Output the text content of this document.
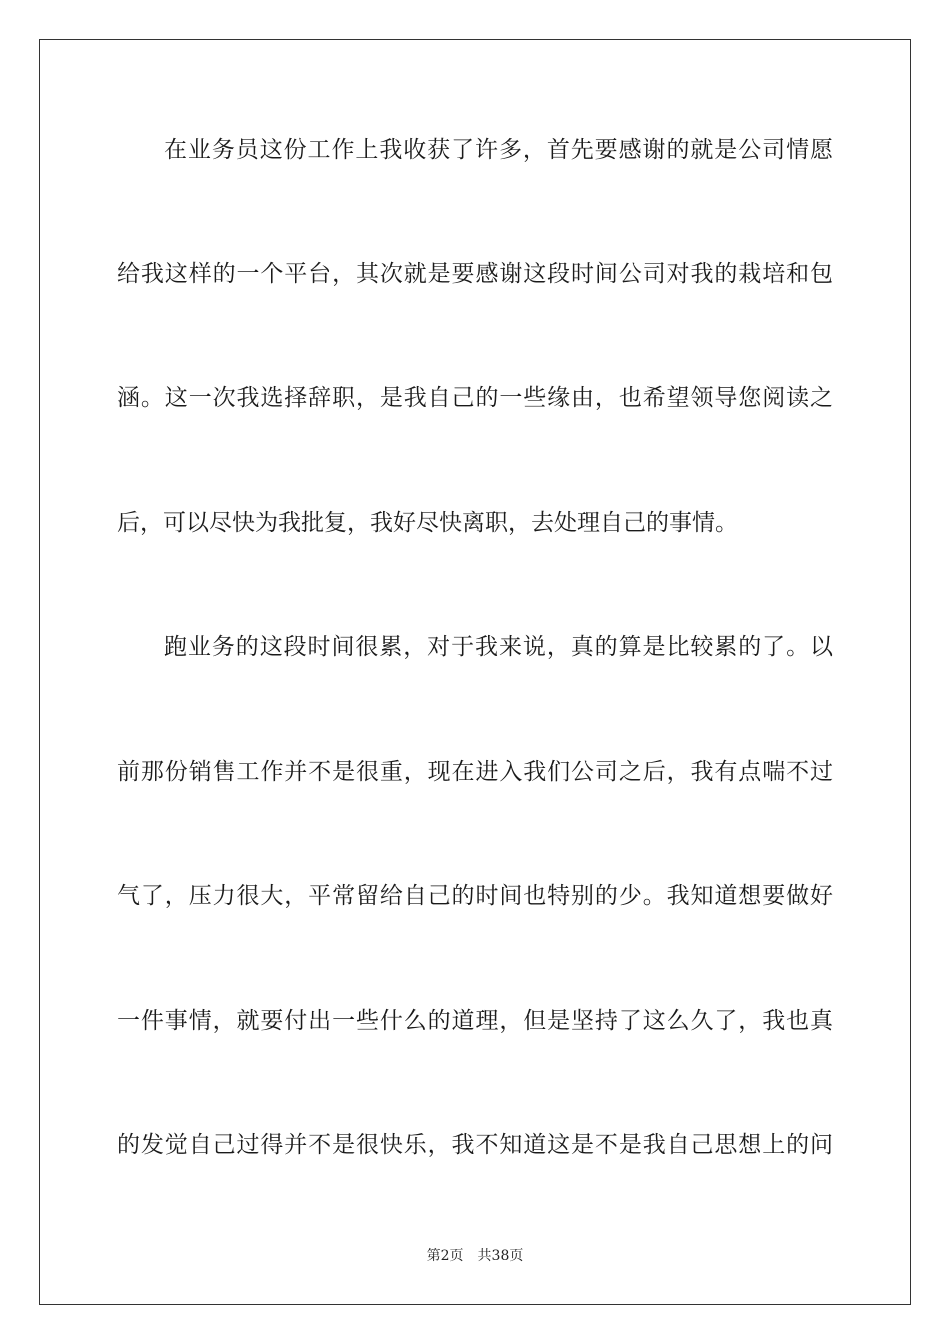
在业务员这份工作上我收获了许多，首先要感谢的就是公司情愿
给我这样的一个平台，其次就是要感谢这段时间公司对我的栽培和包
涵。这一次我选择辞职，是我自己的一些缘由，也希望领导您阅读之
后，可以尽快为我批复，我好尽快离职，去处理自己的事情。
跑业务的这段时间很累，对于我来说，真的算是比较累的了。以
前那份销售工作并不是很重，现在进入我们公司之后，我有点喘不过
气了，压力很大，平常留给自己的时间也特别的少。我知道想要做好
一件事情，就要付出一些什么的道理，但是坚持了这么久了，我也真
的发觉自己过得并不是很快乐，我不知道这是不是我自己思想上的问
第2页 共38页
